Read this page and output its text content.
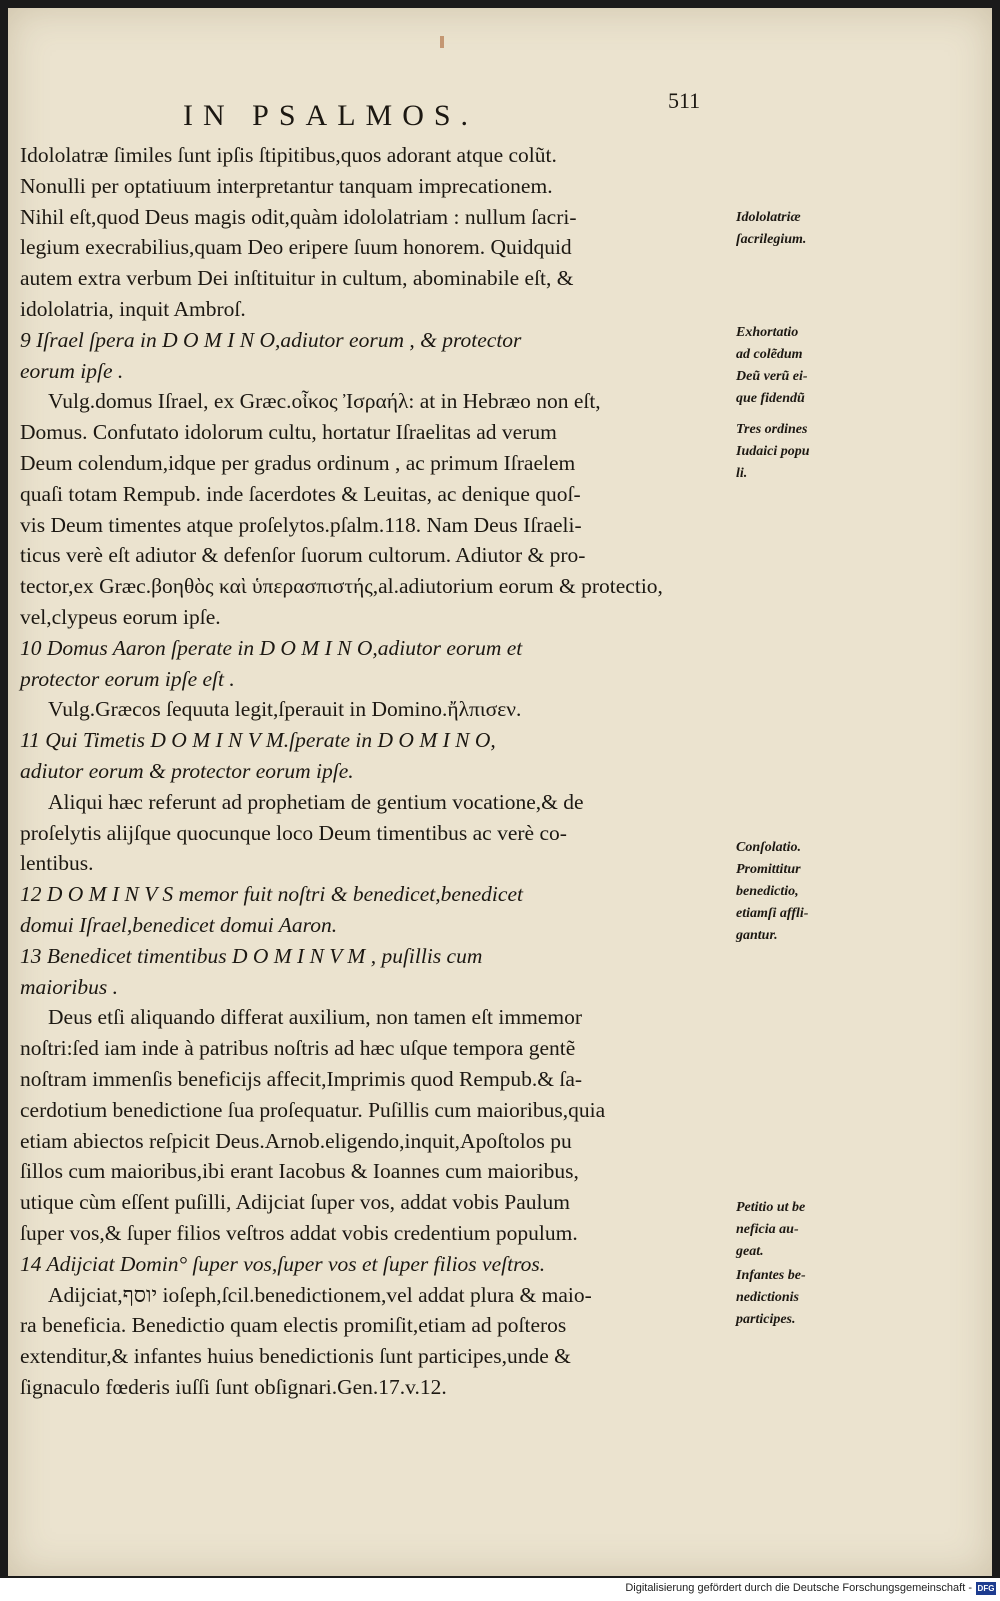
IN PSALMOS.	511
Idololatræ ſimiles ſunt ipſis ſtipitibus,quos adorant atque colũt.
Nonulli per optatiuum interpretantur tanquam imprecationem.
Nihil eſt,quod Deus magis odit,quàm idololatriam : nullum ſacri-
legium execrabilius,quam Deo eripere ſuum honorem. Quidquid
autem extra verbum Dei inſtituitur in cultum, abominabile eſt, &
idololatria, inquit Ambroſ.
9 Iſrael ſpera in D O M I N O,adiutor eorum , & protector
eorum ipſe .
Vulg.domus Iſrael, ex Græc.οἶκος Ἰσραήλ: at in Hebræo non eſt,
Domus. Confutato idolorum cultu, hortatur Iſraelitas ad verum
Deum colendum,idque per gradus ordinum , ac primum Iſraelem
quaſi totam Rempub. inde ſacerdotes & Leuitas, ac denique quoſ-
vis Deum timentes atque proſelytos.pſalm.118. Nam Deus Iſraeli-
ticus verè eſt adiutor & defenſor ſuorum cultorum. Adiutor & pro-
tector,ex Græc.βοηθὸς καὶ ὑπερασπιστής,al.adiutorium eorum & protectio,
vel,clypeus eorum ipſe.
10 Domus Aaron ſperate in D O M I N O,adiutor eorum et
protector eorum ipſe eſt .
Vulg.Græcos ſequuta legit,ſperauit in Domino.ἤλπισεν.
11 Qui Timetis D O M I N V M.ſperate in D O M I N O,
adiutor eorum & protector eorum ipſe.
Aliqui hæc referunt ad prophetiam de gentium vocatione,& de
proſelytis alijſque quocunque loco Deum timentibus ac verè co-
lentibus.
12 D O M I N V S memor fuit noſtri & benedicet,benedicet
domui Iſrael,benedicet domui Aaron.
13 Benedicet timentibus D O M I N V M , puſillis cum
maioribus .
Deus etſi aliquando differat auxilium, non tamen eſt immemor
noſtri:ſed iam inde à patribus noſtris ad hæc uſque tempora gentẽ
noſtram immenſis beneficijs affecit,Imprimis quod Rempub.& ſa-
cerdotium benedictione ſua proſequatur. Puſillis cum maioribus,quia
etiam abiectos reſpicit Deus.Arnob.eligendo,inquit,Apoſtolos pu
ſillos cum maioribus,ibi erant Iacobus & Ioannes cum maioribus,
utique cùm eſſent puſilli, Adijciat ſuper vos, addat vobis Paulum
ſuper vos,& ſuper filios veſtros addat vobis credentium populum.
14 Adijciat Domin° ſuper vos,ſuper vos et ſuper filios veſtros.
Adijciat,יוסף ioſeph,ſcil.benedictionem,vel addat plura & maio-
ra beneficia. Benedictio quam electis promiſit,etiam ad poſteros
extenditur,& infantes huius benedictionis ſunt participes,unde &
ſignaculo fœderis iuſſi ſunt obſignari.Gen.17.v.12.
Idololatriæ
ſacrilegium.
Exhortatio
ad colẽdum
Deũ verũ ei-
que fidendũ
Tres ordines
Iudaici popu
li.
Conſolatio.
Promittitur
benedictio,
etiamſi affli-
gantur.
Petitio ut be
neficia au-
geat.
Infantes be-
nedictionis
participes.
Digitalisierung gefördert durch die Deutsche Forschungsgemeinschaft - DFG
